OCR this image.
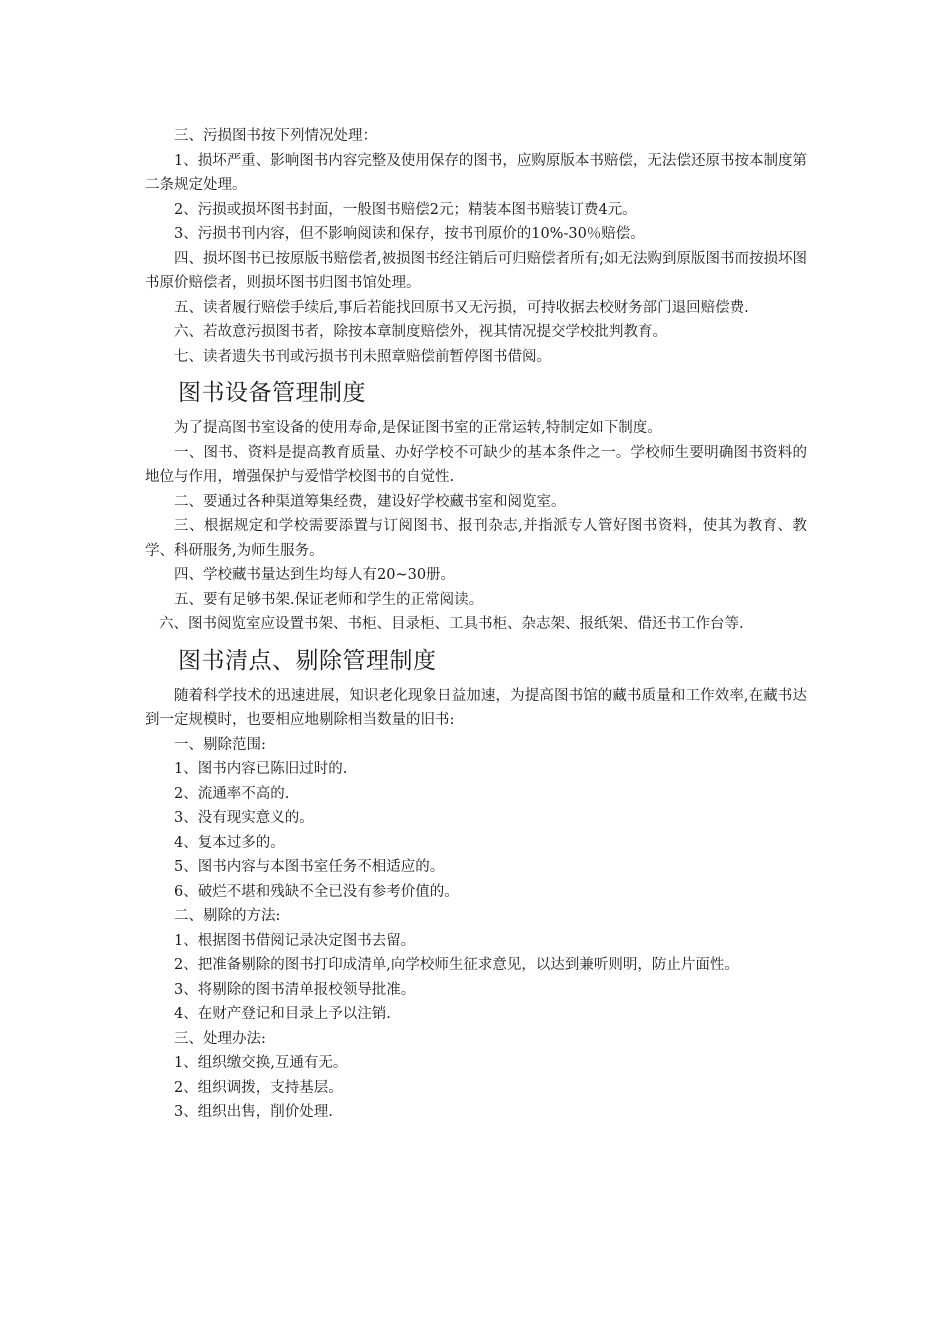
三、污损图书按下列情况处理：

1、损坏严重、影响图书内容完整及使用保存的图书，应购原版本书赔偿，无法偿还原书按本制度第二条规定处理。

2、污损或损坏图书封面，一般图书赔偿2元；精装本图书赔装订费4元。

3、污损书刊内容，但不影响阅读和保存，按书刊原价的10%-30％赔偿。

四、损坏图书已按原版书赔偿者,被损图书经注销后可归赔偿者所有;如无法购到原版图书而按损坏图书原价赔偿者，则损坏图书归图书馆处理。

五、读者履行赔偿手续后,事后若能找回原书又无污损，可持收据去校财务部门退回赔偿费.

六、若故意污损图书者，除按本章制度赔偿外，视其情况提交学校批判教育。

七、读者遗失书刊或污损书刊未照章赔偿前暂停图书借阅。

图书设备管理制度

为了提高图书室设备的使用寿命,是保证图书室的正常运转,特制定如下制度。

一、图书、资料是提高教育质量、办好学校不可缺少的基本条件之一。学校师生要明确图书资料的地位与作用，增强保护与爱惜学校图书的自觉性.

二、要通过各种渠道筹集经费，建设好学校藏书室和阅览室。

三、根据规定和学校需要添置与订阅图书、报刊杂志,并指派专人管好图书资料，使其为教育、教学、科研服务,为师生服务。

四、学校藏书量达到生均每人有20~30册。

五、要有足够书架.保证老师和学生的正常阅读。

六、图书阅览室应设置书架、书柜、目录柜、工具书柜、杂志架、报纸架、借还书工作台等.

图书清点、剔除管理制度

随着科学技术的迅速进展，知识老化现象日益加速，为提高图书馆的藏书质量和工作效率,在藏书达到一定规模时，也要相应地剔除相当数量的旧书:

一、剔除范围:

1、图书内容已陈旧过时的.

2、流通率不高的.

3、没有现实意义的。

4、复本过多的。

5、图书内容与本图书室任务不相适应的。

6、破烂不堪和残缺不全已没有参考价值的。

二、剔除的方法:

1、根据图书借阅记录决定图书去留。

2、把准备剔除的图书打印成清单,向学校师生征求意见，以达到兼听则明，防止片面性。

3、将剔除的图书清单报校领导批准。

4、在财产登记和目录上予以注销.

三、处理办法:

1、组织缴交换,互通有无。

2、组织调拨，支持基层。

3、组织出售，削价处理.
